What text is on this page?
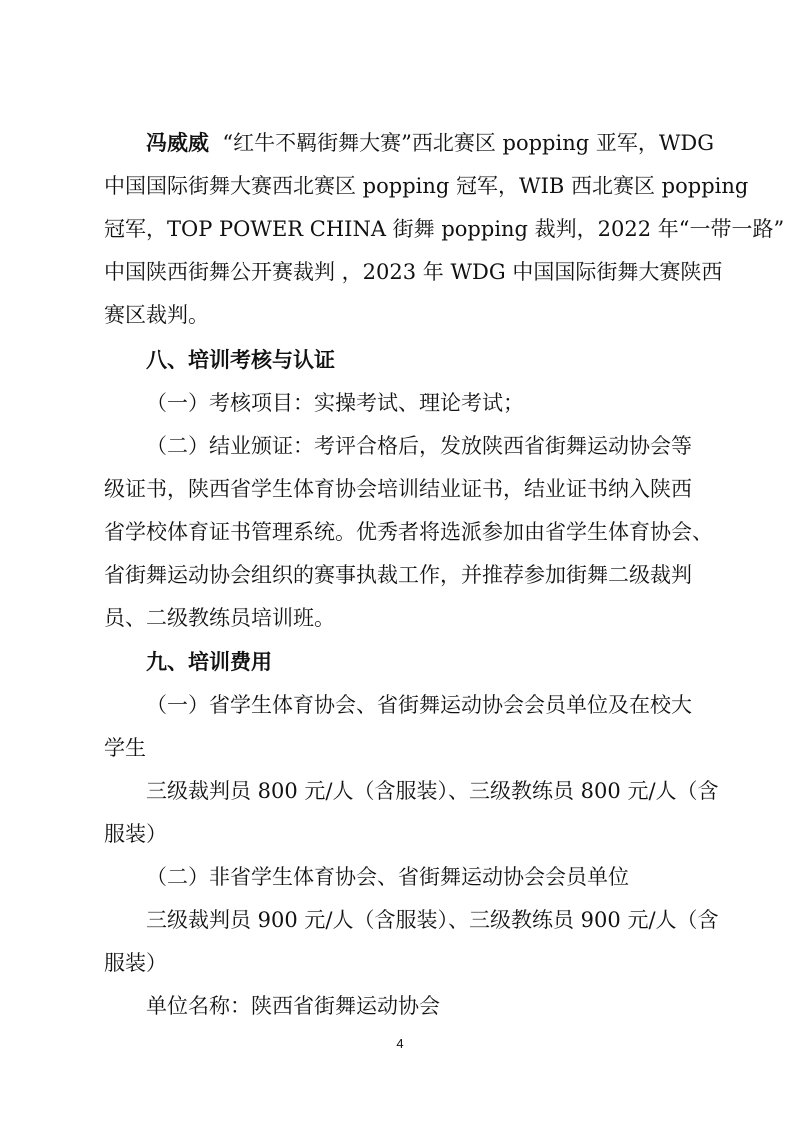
冯威威 “红牛不羁街舞大赛”西北赛区 popping 亚军，WDG
中国国际街舞大赛西北赛区 popping 冠军，WIB 西北赛区 popping
冠军，TOP POWER CHINA 街舞 popping 裁判，2022 年“一带一路”
中国陕西街舞公开赛裁判 ，2023 年 WDG 中国国际街舞大赛陕西
赛区裁判。
八、培训考核与认证
（一）考核项目：实操考试、理论考试；
（二）结业颁证：考评合格后，发放陕西省街舞运动协会等
级证书，陕西省学生体育协会培训结业证书，结业证书纳入陕西
省学校体育证书管理系统。优秀者将选派参加由省学生体育协会、
省街舞运动协会组织的赛事执裁工作，并推荐参加街舞二级裁判
员、二级教练员培训班。
九、培训费用
（一）省学生体育协会、省街舞运动协会会员单位及在校大
学生
三级裁判员 800 元/人（含服装）、三级教练员 800 元/人（含
服装）
（二）非省学生体育协会、省街舞运动协会会员单位
三级裁判员 900 元/人（含服装）、三级教练员 900 元/人（含
服装）
单位名称：陕西省街舞运动协会
4
